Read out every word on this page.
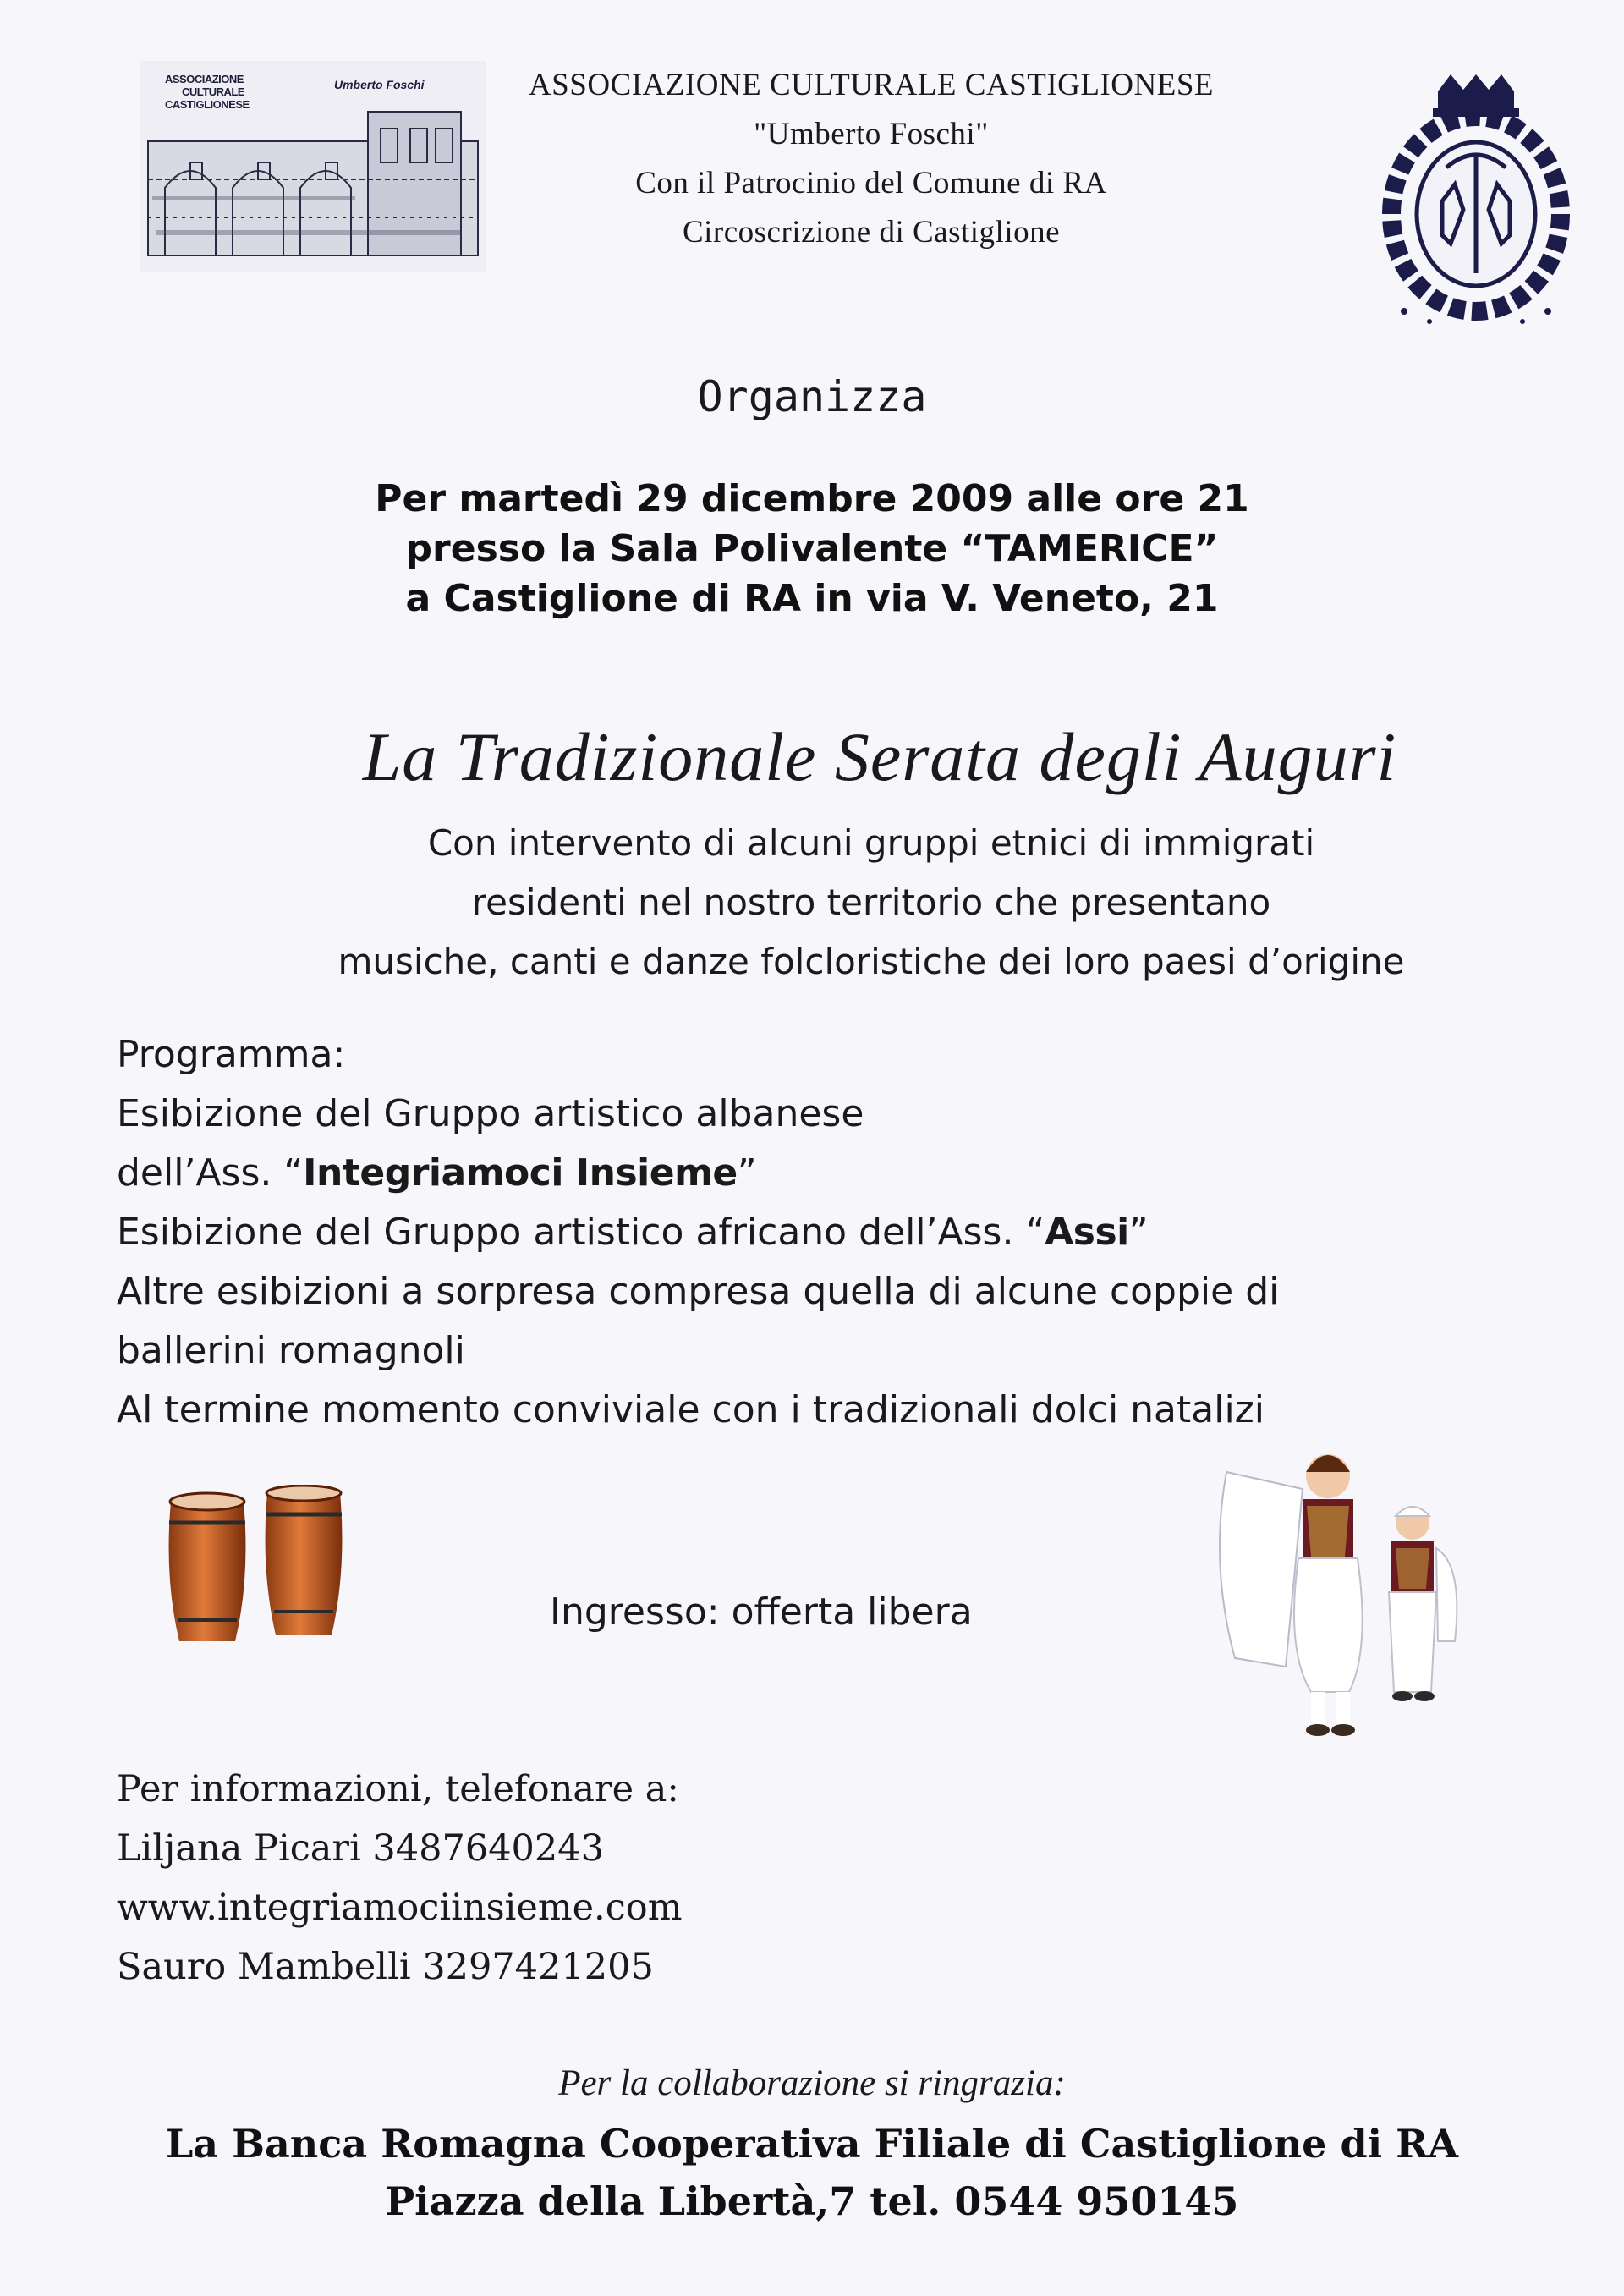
ASSOCIAZIONE
CULTURALE
CASTIGLIONESE
Umberto Foschi	ASSOCIAZIONE CULTURALE CASTIGLIONESE
"Umberto Foschi"
Con il Patrocinio del Comune di RA
Circoscrizione di Castiglione
Organizza
Per martedì 29 dicembre 2009 alle ore 21
presso la Sala Polivalente “TAMERICE”
a Castiglione di RA in via V. Veneto, 21
La Tradizionale Serata degli Auguri
Con intervento di alcuni gruppi etnici di immigrati
residenti nel nostro territorio che presentano
musiche, canti e danze folcloristiche dei loro paesi d’origine
Programma:
Esibizione del Gruppo artistico albanese
dell’Ass. “Integriamoci Insieme”
Esibizione del Gruppo artistico africano dell’Ass. “Assi”
Altre esibizioni a sorpresa compresa quella di alcune coppie di
ballerini romagnoli
Al termine momento conviviale con i tradizionali dolci natalizi
Ingresso: offerta libera
Per informazioni, telefonare a:
Liljana Picari 3487640243
www.integriamociinsieme.com
Sauro Mambelli 3297421205
Per la collaborazione si ringrazia:
La Banca Romagna Cooperativa Filiale di Castiglione di RA
Piazza della Libertà,7 tel. 0544 950145
